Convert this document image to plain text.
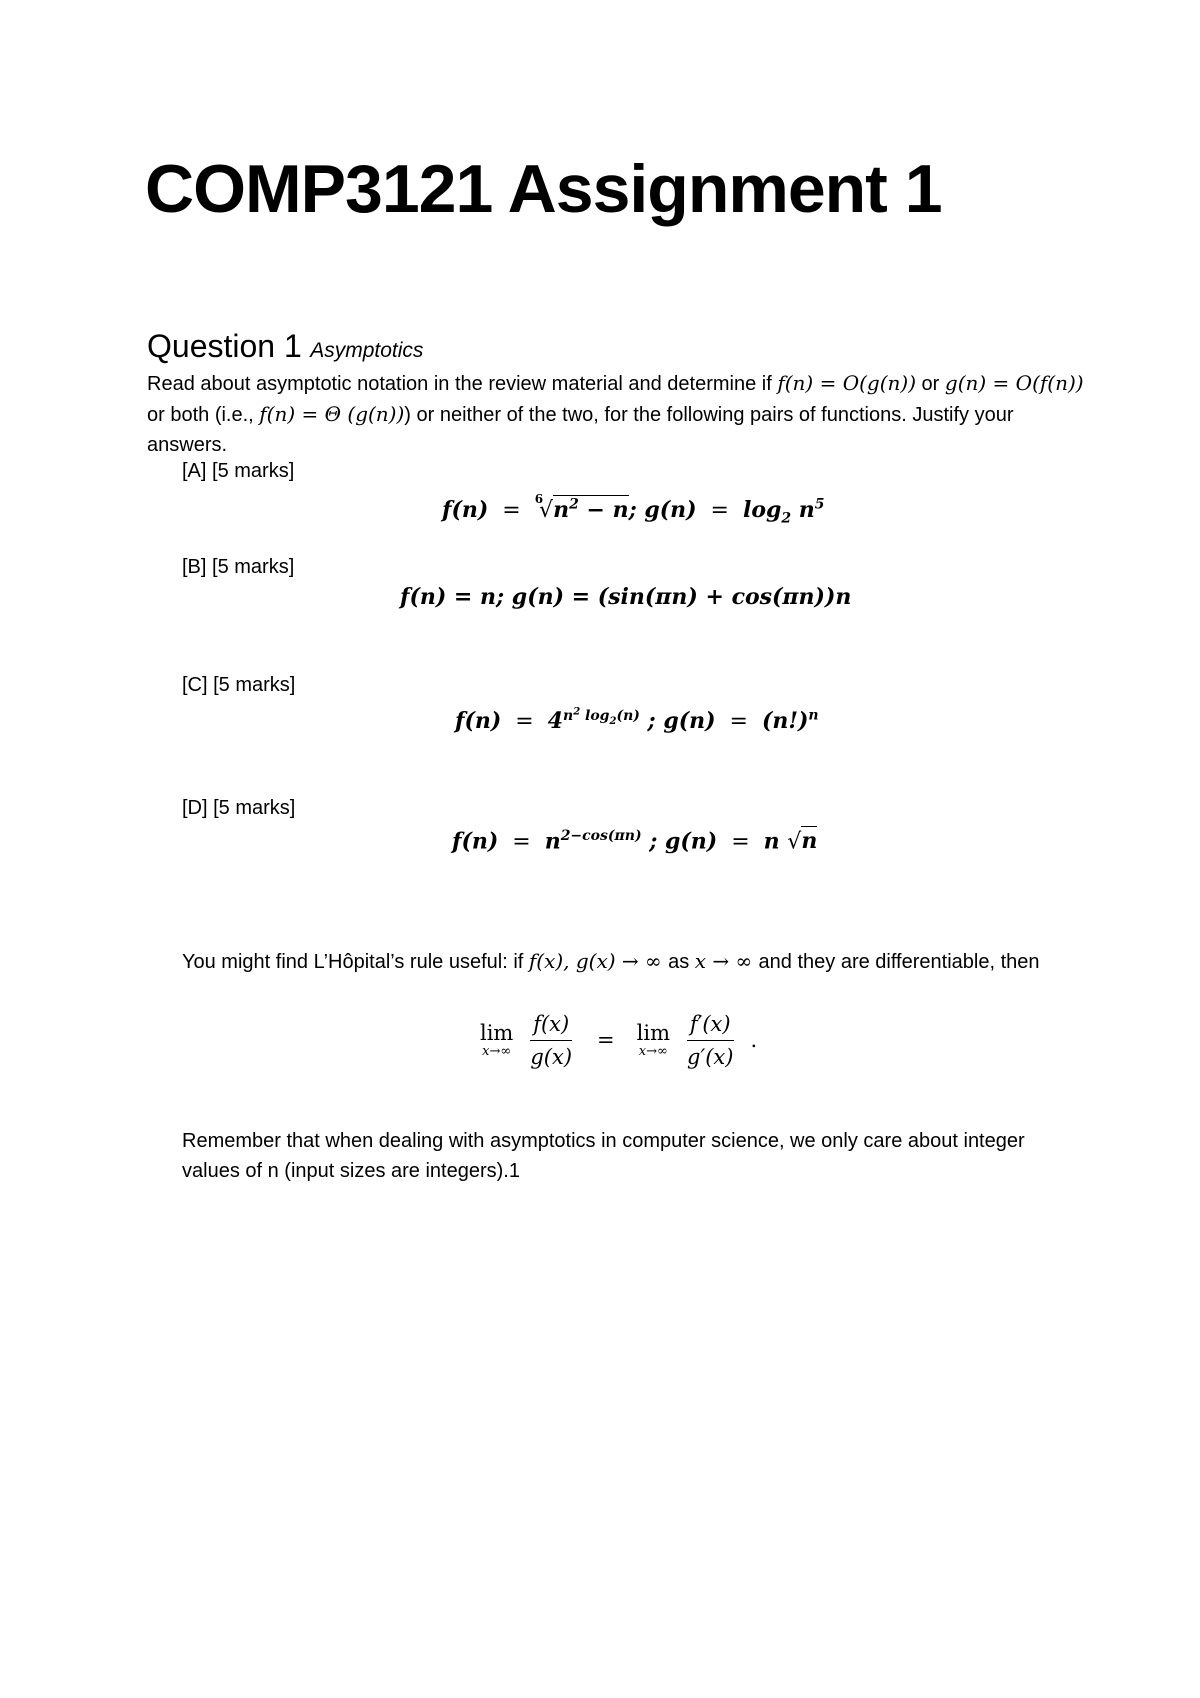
COMP3121 Assignment 1
Question 1 Asymptotics
Read about asymptotic notation in the review material and determine if f(n) = O(g(n)) or g(n) = O(f(n)) or both (i.e., f(n) = Θ (g(n))) or neither of the two, for the following pairs of functions. Justify your answers.
[A] [5 marks]
$f(n) = ^6√n^2 - n$; $g(n) = \log_2 n^5$
[B] [5 marks]
f(n) = n; g(n) = (sin(πn) + cos(πn))n
[C] [5 marks]
$f(n) = 4^{n^2 log_2(n)}$ ; $g(n) = (n!)^n$
[D] [5 marks]
$f(n) = n^{2-cos(\pi n)}$ ; g(n)  =  n √n
You might find L’Hôpital’s rule useful: if f(x), g(x) → ∞ as x → ∞ and they are differentiable, then
lim
$x\to\infty \frac{f(x)}{g(x)} = \lim$
$x\to\infty \frac{f'(x)}{g'(x)}$ .
Remember that when dealing with asymptotics in computer science, we only care about integer values of n (input sizes are integers).1
